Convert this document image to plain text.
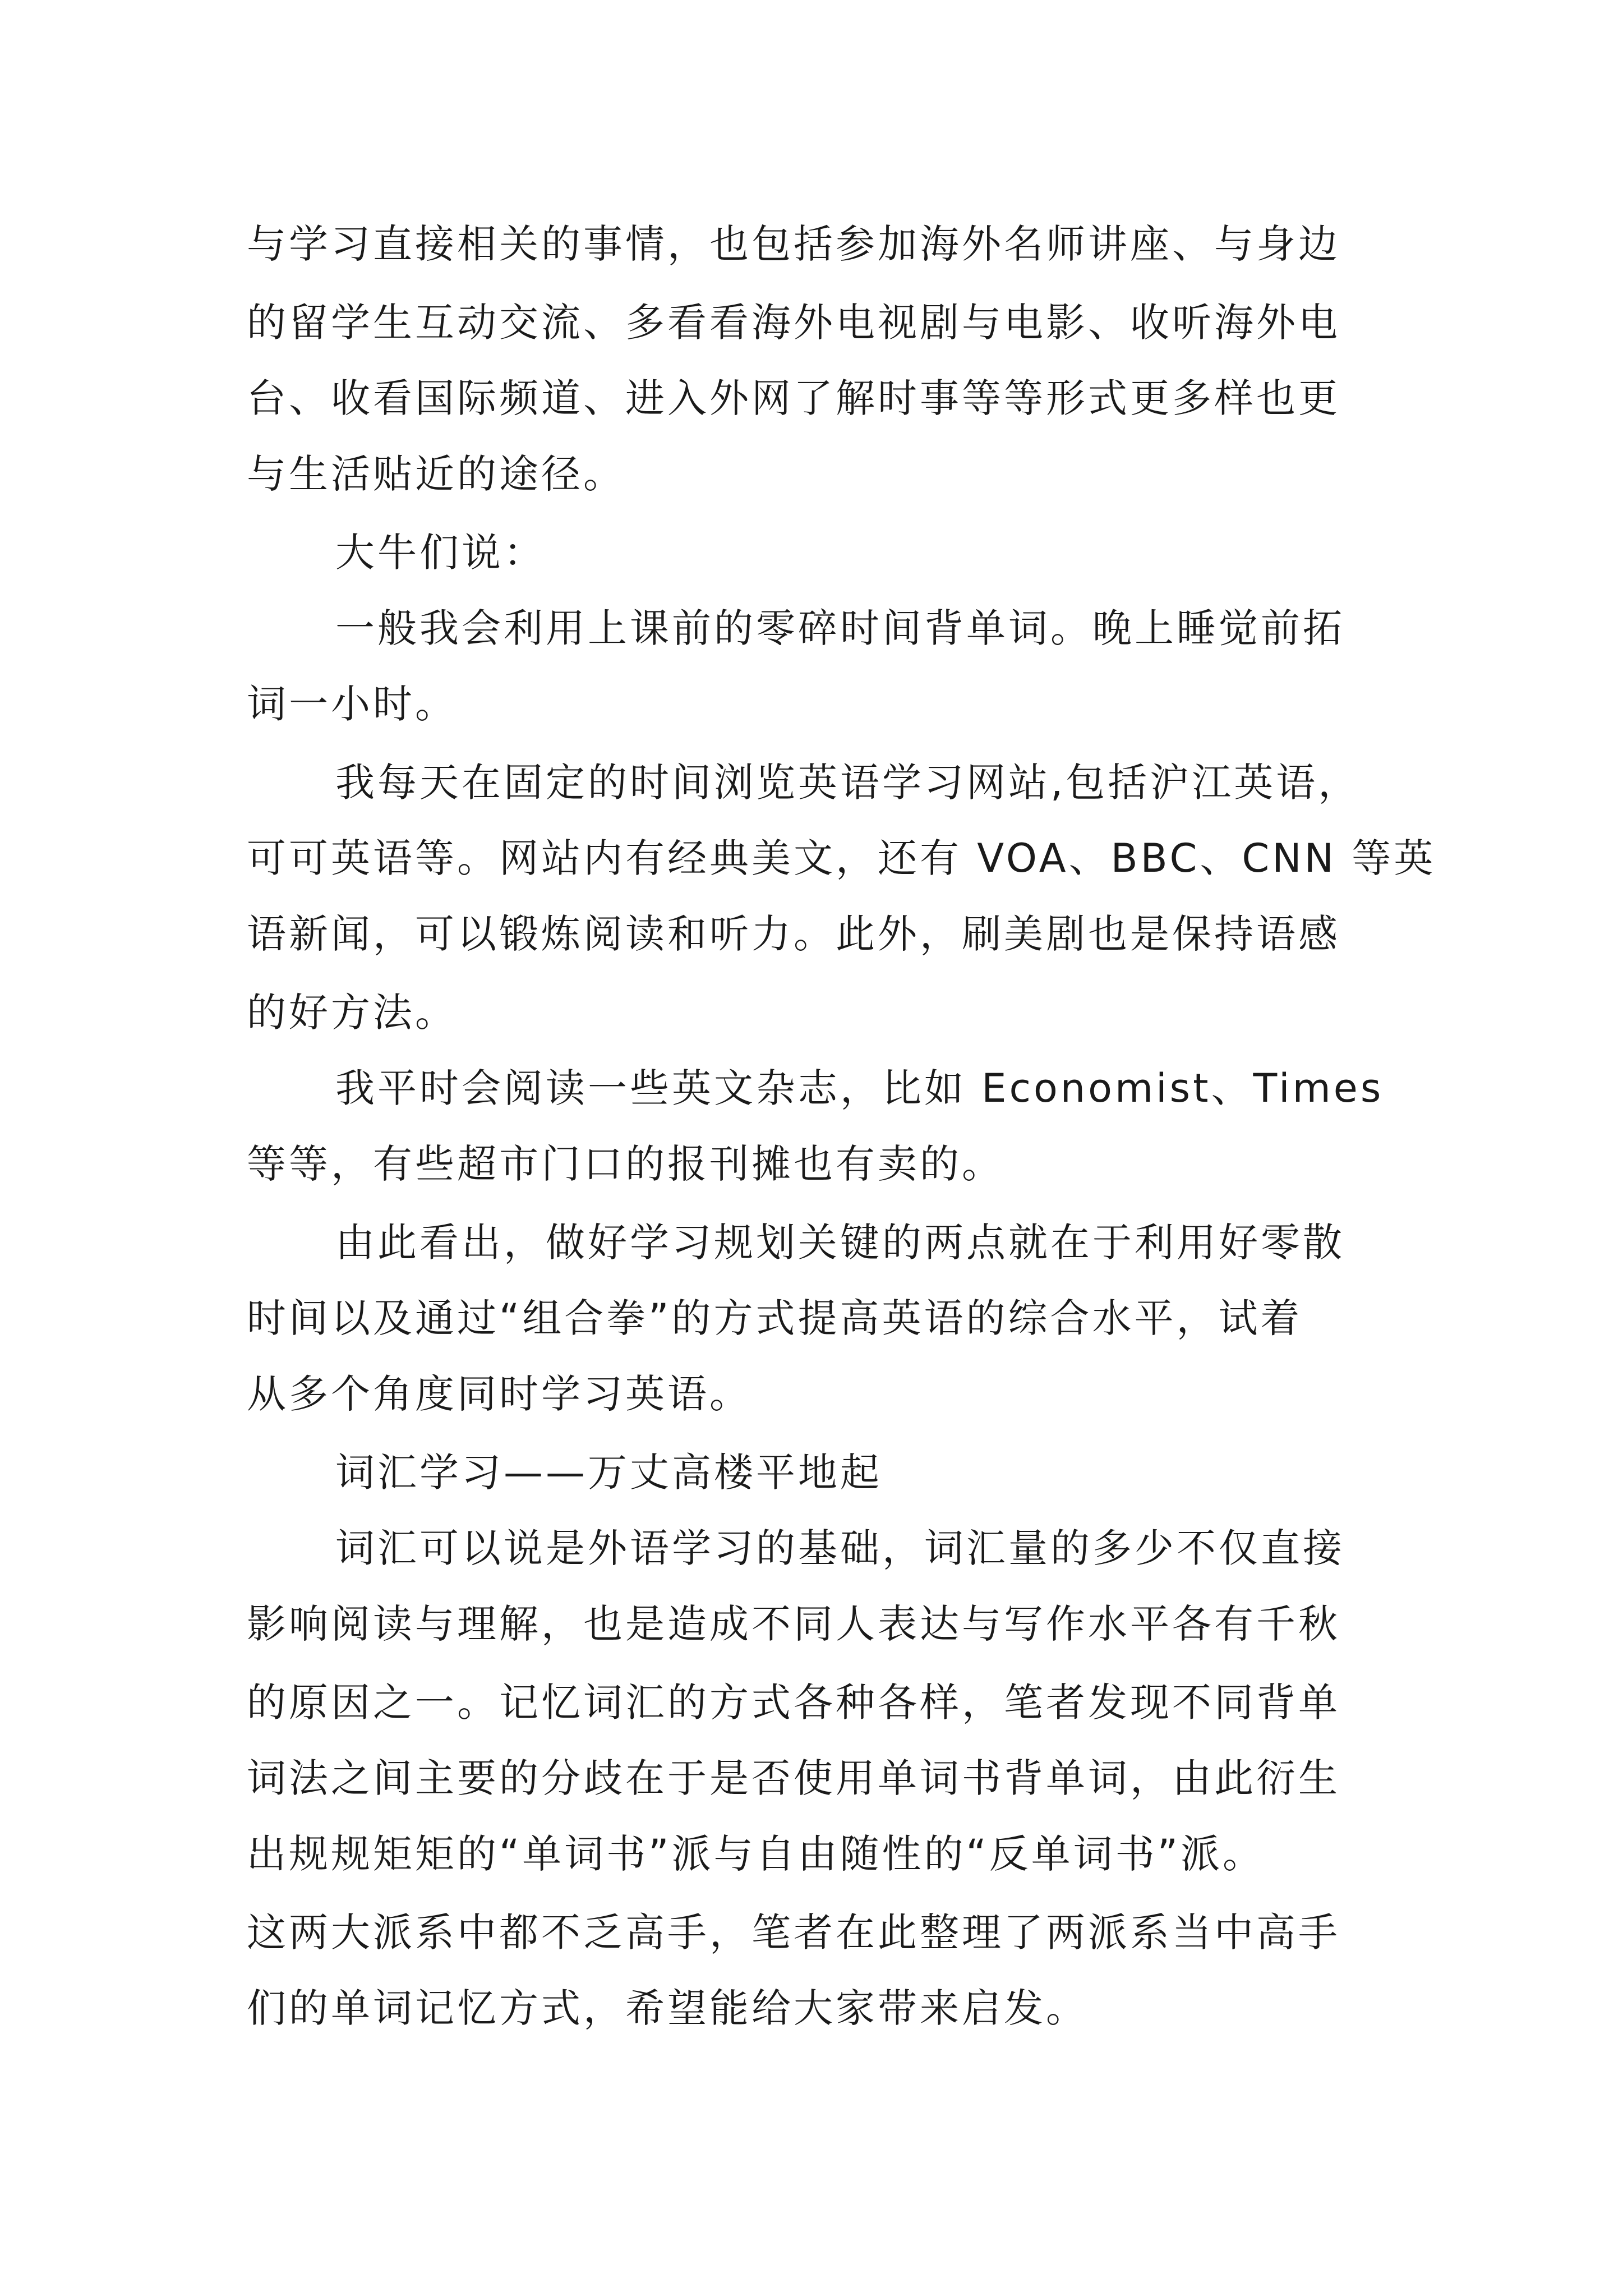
与学习直接相关的事情，也包括参加海外名师讲座、与身边
的留学生互动交流、多看看海外电视剧与电影、收听海外电
台、收看国际频道、进入外网了解时事等等形式更多样也更
与生活贴近的途径。
大牛们说：
一般我会利用上课前的零碎时间背单词。晚上睡觉前拓
词一小时。
我每天在固定的时间浏览英语学习网站,包括沪江英语，
可可英语等。网站内有经典美文，还有 VOA、BBC、CNN 等英
语新闻，可以锻炼阅读和听力。此外，刷美剧也是保持语感
的好方法。
我平时会阅读一些英文杂志，比如 Economist、Times
等等，有些超市门口的报刊摊也有卖的。
由此看出，做好学习规划关键的两点就在于利用好零散
时间以及通过“组合拳”的方式提高英语的综合水平，试着
从多个角度同时学习英语。
词汇学习——万丈高楼平地起
词汇可以说是外语学习的基础，词汇量的多少不仅直接
影响阅读与理解，也是造成不同人表达与写作水平各有千秋
的原因之一。记忆词汇的方式各种各样，笔者发现不同背单
词法之间主要的分歧在于是否使用单词书背单词，由此衍生
出规规矩矩的“单词书”派与自由随性的“反单词书”派。
这两大派系中都不乏高手，笔者在此整理了两派系当中高手
们的单词记忆方式，希望能给大家带来启发。
